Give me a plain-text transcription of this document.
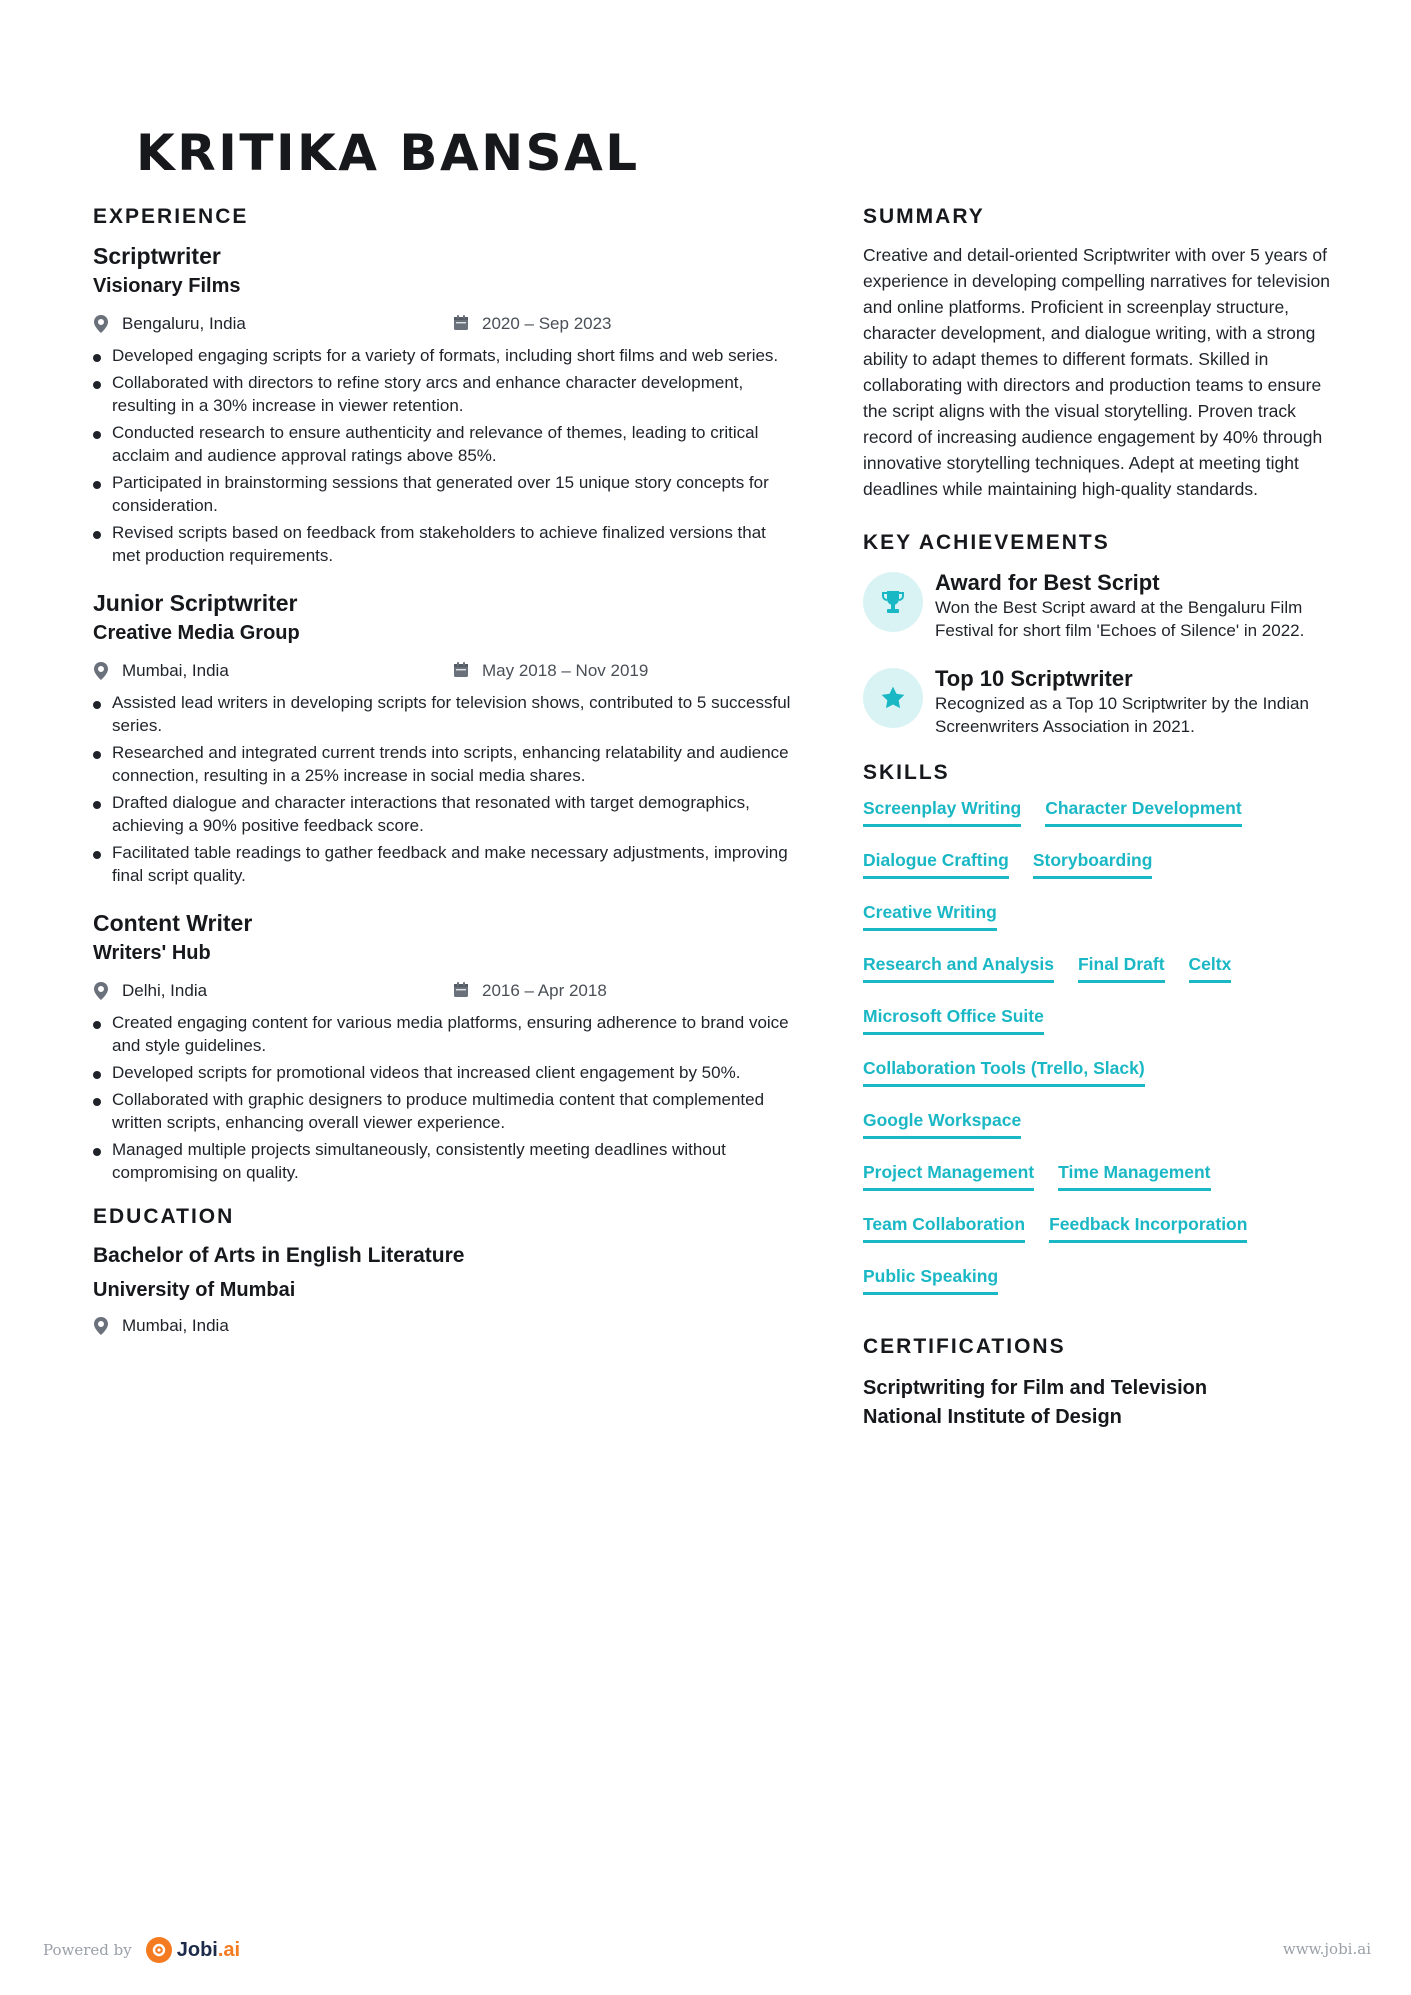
KRITIKA BANSAL
EXPERIENCE

Scriptwriter

Visionary Films

Bengaluru, India	2020 – Sep 2023
Developed engaging scripts for a variety of formats, including short films and web series.
Collaborated with directors to refine story arcs and enhance character development, resulting in a 30% increase in viewer retention.
Conducted research to ensure authenticity and relevance of themes, leading to critical acclaim and audience approval ratings above 85%.
Participated in brainstorming sessions that generated over 15 unique story concepts for consideration.
Revised scripts based on feedback from stakeholders to achieve finalized versions that met production requirements.

Junior Scriptwriter

Creative Media Group

Mumbai, India	May 2018 – Nov 2019
Assisted lead writers in developing scripts for television shows, contributed to 5 successful series.
Researched and integrated current trends into scripts, enhancing relatability and audience connection, resulting in a 25% increase in social media shares.
Drafted dialogue and character interactions that resonated with target demographics, achieving a 90% positive feedback score.
Facilitated table readings to gather feedback and make necessary adjustments, improving final script quality.

Content Writer

Writers' Hub

Delhi, India	2016 – Apr 2018
Created engaging content for various media platforms, ensuring adherence to brand voice and style guidelines.
Developed scripts for promotional videos that increased client engagement by 50%.
Collaborated with graphic designers to produce multimedia content that complemented written scripts, enhancing overall viewer experience.
Managed multiple projects simultaneously, consistently meeting deadlines without compromising on quality.
EDUCATION

Bachelor of Arts in English Literature

University of Mumbai

Mumbai, India
SUMMARY

Creative and detail-oriented Scriptwriter with over 5 years of experience in developing compelling narratives for television and online platforms. Proficient in screenplay structure, character development, and dialogue writing, with a strong ability to adapt themes to different formats. Skilled in collaborating with directors and production teams to ensure the script aligns with the visual storytelling. Proven track record of increasing audience engagement by 40% through innovative storytelling techniques. Adept at meeting tight deadlines while maintaining high-quality standards.

KEY ACHIEVEMENTS

Award for Best Script

Won the Best Script award at the Bengaluru Film Festival for short film 'Echoes of Silence' in 2022.

Top 10 Scriptwriter

Recognized as a Top 10 Scriptwriter by the Indian Screenwriters Association in 2021.

SKILLS
Screenplay Writing Character Development
Dialogue Crafting Storyboarding
Creative Writing
Research and Analysis Final Draft Celtx
Microsoft Office Suite
Collaboration Tools (Trello, Slack)
Google Workspace
Project Management Time Management
Team Collaboration Feedback Incorporation
Public Speaking
CERTIFICATIONS

Scriptwriting for Film and Television

National Institute of Design

Powered by Jobi.ai	www.jobi.ai
